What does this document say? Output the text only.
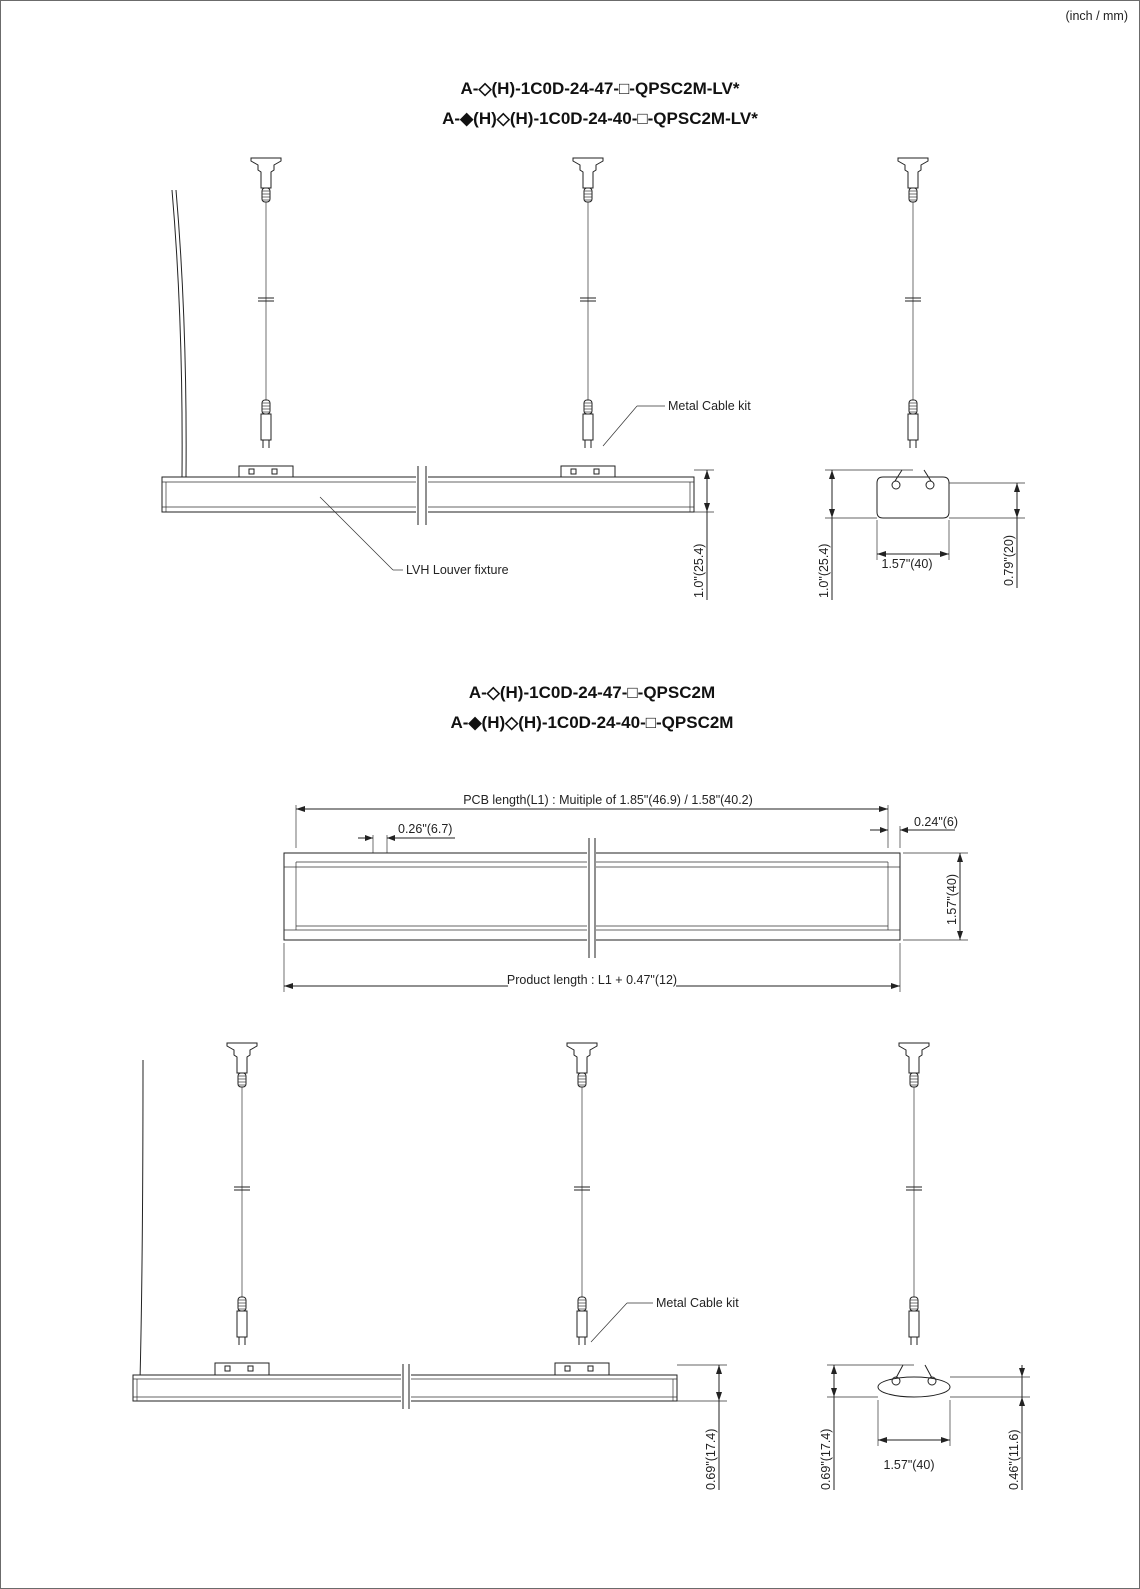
(inch / mm)
A-◇(H)-1C0D-24-47-□-QPSC2M-LV*
A-◆(H)◇(H)-1C0D-24-40-□-QPSC2M-LV*
1.0"(25.4)
Metal Cable kit
LVH Louver fixture	1.0"(25.4)	0.79"(20)
1.57"(40)
A-◇(H)-1C0D-24-47-□-QPSC2M
A-◆(H)◇(H)-1C0D-24-40-□-QPSC2M
PCB length(L1) : Muitiple of 1.85"(46.9) / 1.58"(40.2)
0.26"(6.7)	0.24"(6)
1.57"(40)
Product length : L1 + 0.47"(12)
0.69"(17.4)
Metal Cable kit
0.69"(17.4)	0.46"(11.6)
1.57"(40)
